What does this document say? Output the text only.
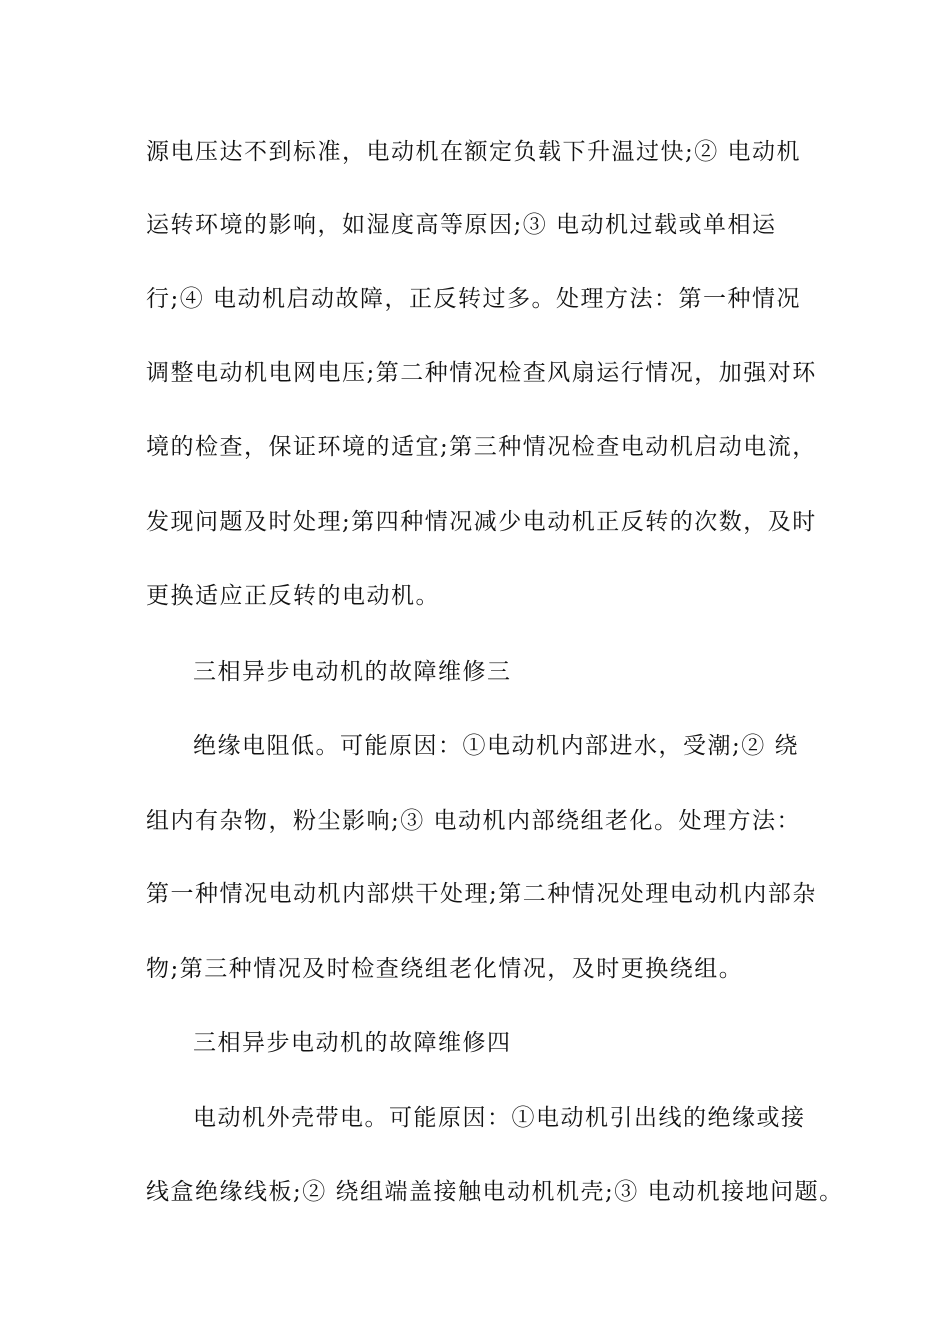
源电压达不到标准，电动机在额定负载下升温过快;② 电动机
运转环境的影响，如湿度高等原因;③ 电动机过载或单相运
行;④ 电动机启动故障，正反转过多。处理方法：第一种情况
调整电动机电网电压;第二种情况检查风扇运行情况，加强对环
境的检查，保证环境的适宜;第三种情况检查电动机启动电流，
发现问题及时处理;第四种情况减少电动机正反转的次数，及时
更换适应正反转的电动机。
三相异步电动机的故障维修三
绝缘电阻低。可能原因：①电动机内部进水，受潮;② 绕
组内有杂物，粉尘影响;③ 电动机内部绕组老化。处理方法：
第一种情况电动机内部烘干处理;第二种情况处理电动机内部杂
物;第三种情况及时检查绕组老化情况，及时更换绕组。
三相异步电动机的故障维修四
电动机外壳带电。可能原因：①电动机引出线的绝缘或接
线盒绝缘线板;② 绕组端盖接触电动机机壳;③ 电动机接地问题。
